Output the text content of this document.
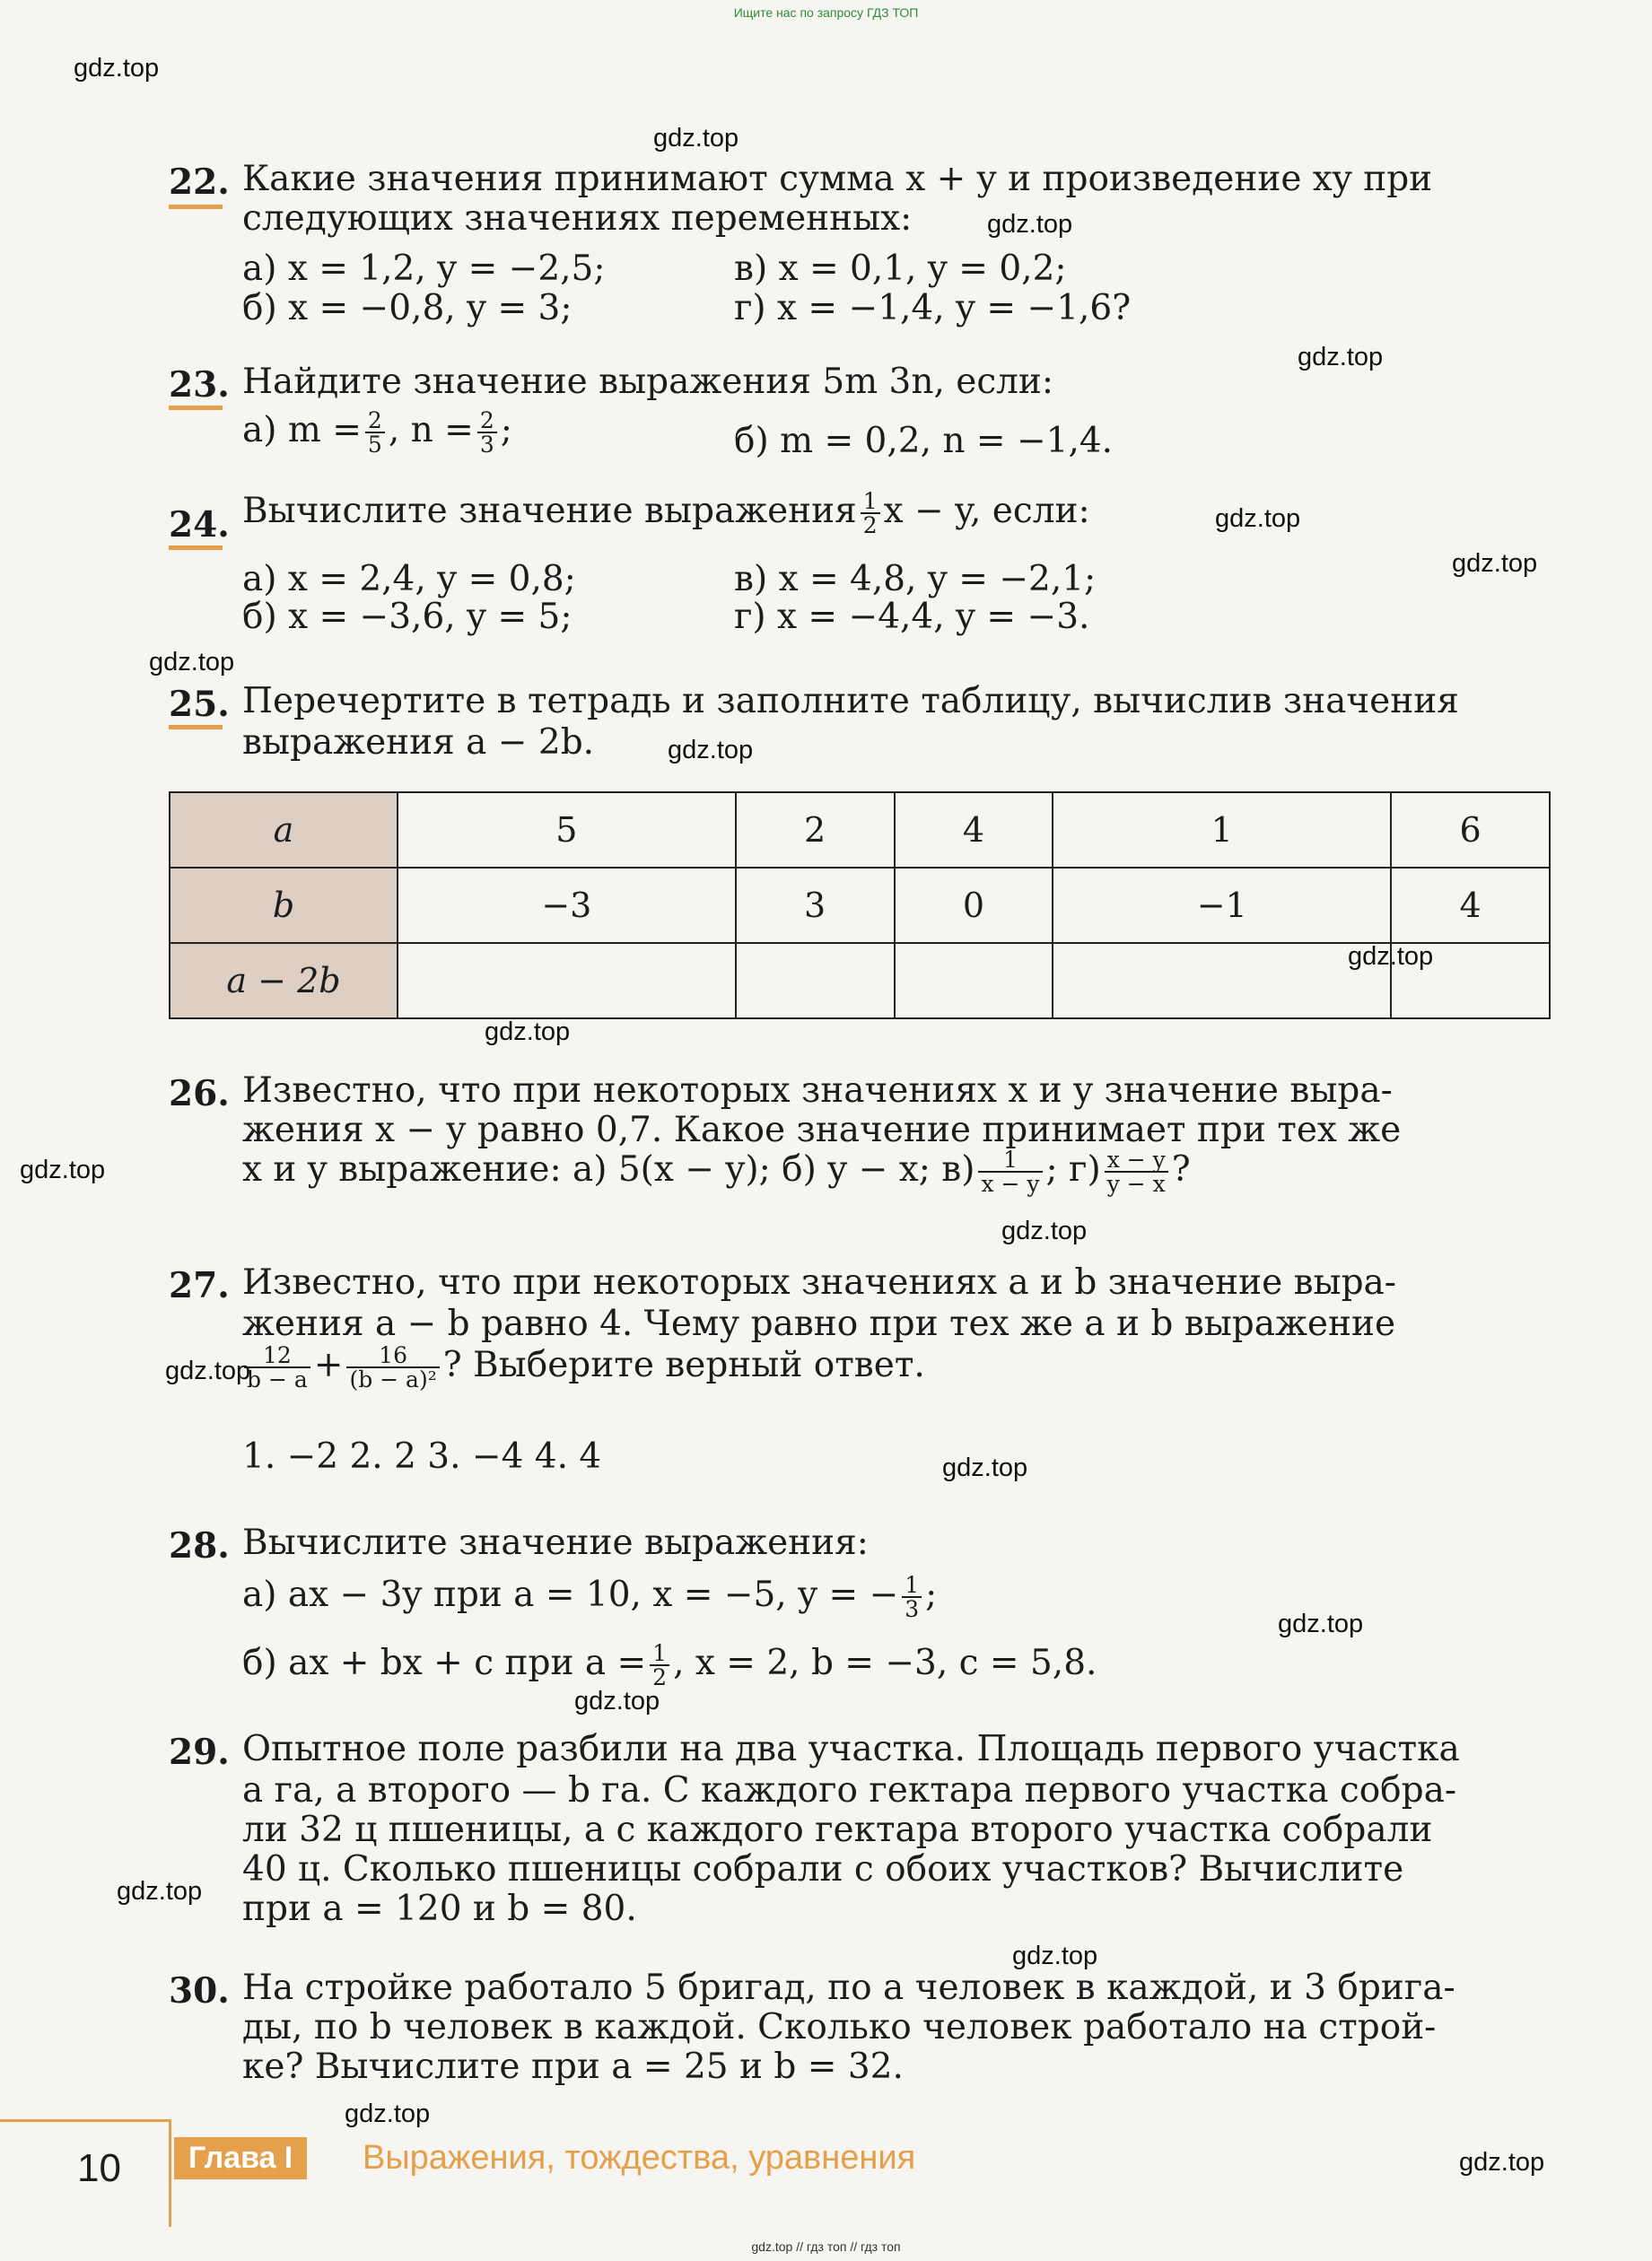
Ищите нас по запросу ГДЗ ТОП
gdz.top
gdz.top
gdz.top
gdz.top
gdz.top
gdz.top
gdz.top
gdz.top
gdz.top
gdz.top
gdz.top
gdz.top
gdz.top
gdz.top
gdz.top
gdz.top
gdz.top
gdz.top
gdz.top
gdz.top
22. Какие значения принимают сумма x + y и произведение xy при
следующих значениях переменных:
а) x = 1,2, y = −2,5;	в) x = 0,1, y = 0,2;
б) x = −0,8, y = 3;	г) x = −1,4, y = −1,6?
23. Найдите значение выражения 5m 3n, если:
а) $m = \frac{2}{5}$ , $n = \frac{2}{3}$ ;	б) m = 0,2, n = −1,4.
24. Вычислите значение выражения $\frac{1}{2}$ x − y, если:
а) x = 2,4, y = 0,8;	в) x = 4,8, y = −2,1;
б) x = −3,6, y = 5;	г) x = −4,4, y = −3.
25. Перечертите в тетрадь и заполните таблицу, вычислив значения
выражения a − 2b.
a	5	2	4	1	6
b	−3	3	0	−1	4
a − 2b					
26. Известно, что при некоторых значениях x и y значение выра-
жения x − y равно 0,7. Какое значение принимает при тех же
x и y выражение: а) 5(x − y); б) y − x; $в) \frac{1}{x - y}$ ; $г) \frac{x - y}{y - x}$ ?
27. Известно, что при некоторых значениях a и b значение выра-
жения a − b равно 4. Чему равно при тех же a и b выражение
$\frac{12}{b - a} + \frac{16}{\text{(b − a)²}}$ ? Выберите верный ответ.
1. −2 2. 2 3. −4 4. 4
28. Вычислите значение выражения:
а) ax − 3y при a = 10, x = −5, y = − $\frac{1}{3}$ ;
б) ax + bx + c при $a = \frac{1}{2}$ , x = 2, b = −3, c = 5,8.
29. Опытное поле разбили на два участка. Площадь первого участка
a га, а второго — b га. С каждого гектара первого участка собра-
ли 32 ц пшеницы, а с каждого гектара второго участка собрали
40 ц. Сколько пшеницы собрали с обоих участков? Вычислите
при a = 120 и b = 80.
30. На стройке работало 5 бригад, по a человек в каждой, и 3 бригa-
ды, по b человек в каждой. Сколько человек работало на строй-
ке? Вычислите при a = 25 и b = 32.
10	Глава I	Выражения, тождества, уравнения
gdz.top // гдз топ // гдз топ
